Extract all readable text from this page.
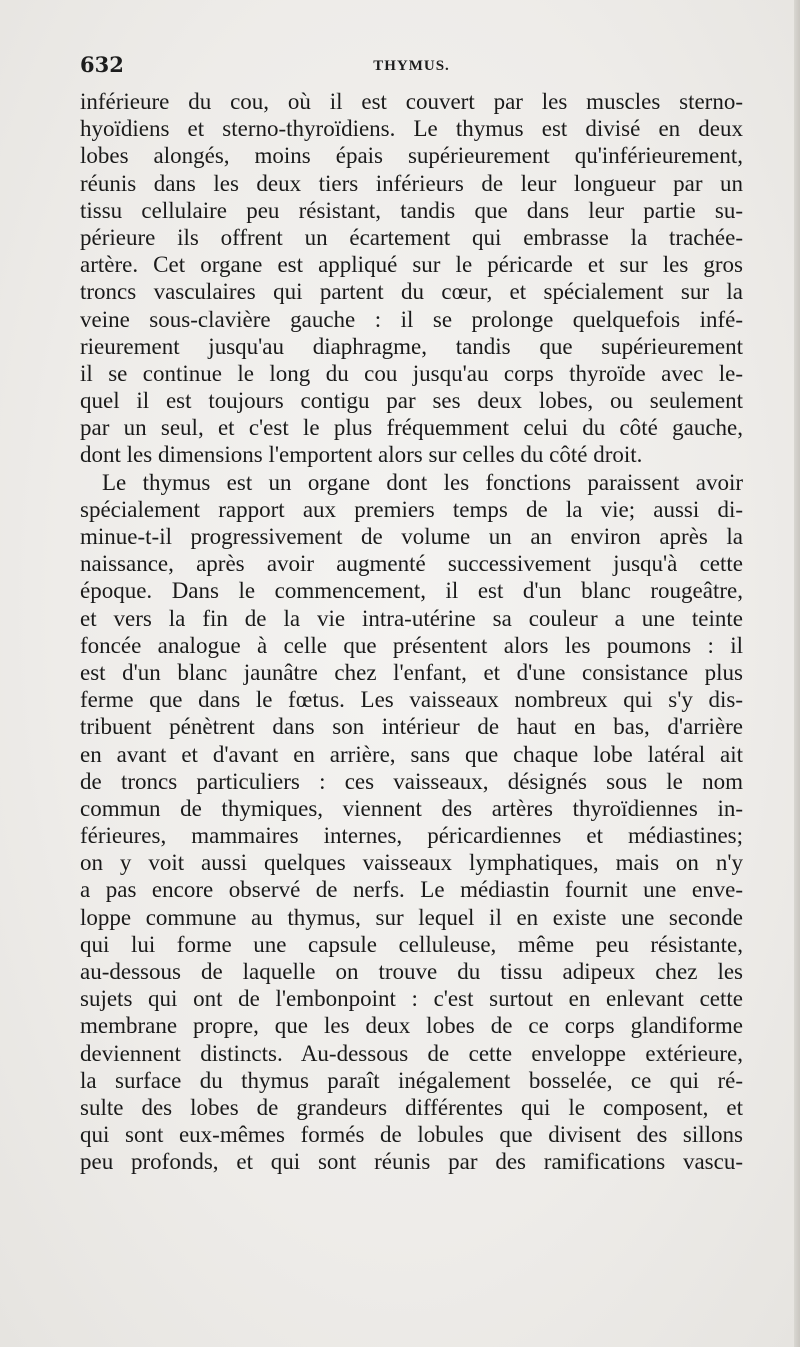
632	THYMUS.
inférieure du cou, où il est couvert par les muscles sterno-
hyoïdiens et sterno-thyroïdiens. Le thymus est divisé en deux
lobes alongés, moins épais supérieurement qu'inférieurement,
réunis dans les deux tiers inférieurs de leur longueur par un
tissu cellulaire peu résistant, tandis que dans leur partie su-
périeure ils offrent un écartement qui embrasse la trachée-
artère. Cet organe est appliqué sur le péricarde et sur les gros
troncs vasculaires qui partent du cœur, et spécialement sur la
veine sous-clavière gauche : il se prolonge quelquefois infé-
rieurement jusqu'au diaphragme, tandis que supérieurement
il se continue le long du cou jusqu'au corps thyroïde avec le-
quel il est toujours contigu par ses deux lobes, ou seulement
par un seul, et c'est le plus fréquemment celui du côté gauche,
dont les dimensions l'emportent alors sur celles du côté droit.
Le thymus est un organe dont les fonctions paraissent avoir
spécialement rapport aux premiers temps de la vie; aussi di-
minue-t-il progressivement de volume un an environ après la
naissance, après avoir augmenté successivement jusqu'à cette
époque. Dans le commencement, il est d'un blanc rougeâtre,
et vers la fin de la vie intra-utérine sa couleur a une teinte
foncée analogue à celle que présentent alors les poumons : il
est d'un blanc jaunâtre chez l'enfant, et d'une consistance plus
ferme que dans le fœtus. Les vaisseaux nombreux qui s'y dis-
tribuent pénètrent dans son intérieur de haut en bas, d'arrière
en avant et d'avant en arrière, sans que chaque lobe latéral ait
de troncs particuliers : ces vaisseaux, désignés sous le nom
commun de thymiques, viennent des artères thyroïdiennes in-
férieures, mammaires internes, péricardiennes et médiastines;
on y voit aussi quelques vaisseaux lymphatiques, mais on n'y
a pas encore observé de nerfs. Le médiastin fournit une enve-
loppe commune au thymus, sur lequel il en existe une seconde
qui lui forme une capsule celluleuse, même peu résistante,
au-dessous de laquelle on trouve du tissu adipeux chez les
sujets qui ont de l'embonpoint : c'est surtout en enlevant cette
membrane propre, que les deux lobes de ce corps glandiforme
deviennent distincts. Au-dessous de cette enveloppe extérieure,
la surface du thymus paraît inégalement bosselée, ce qui ré-
sulte des lobes de grandeurs différentes qui le composent, et
qui sont eux-mêmes formés de lobules que divisent des sillons
peu profonds, et qui sont réunis par des ramifications vascu-
